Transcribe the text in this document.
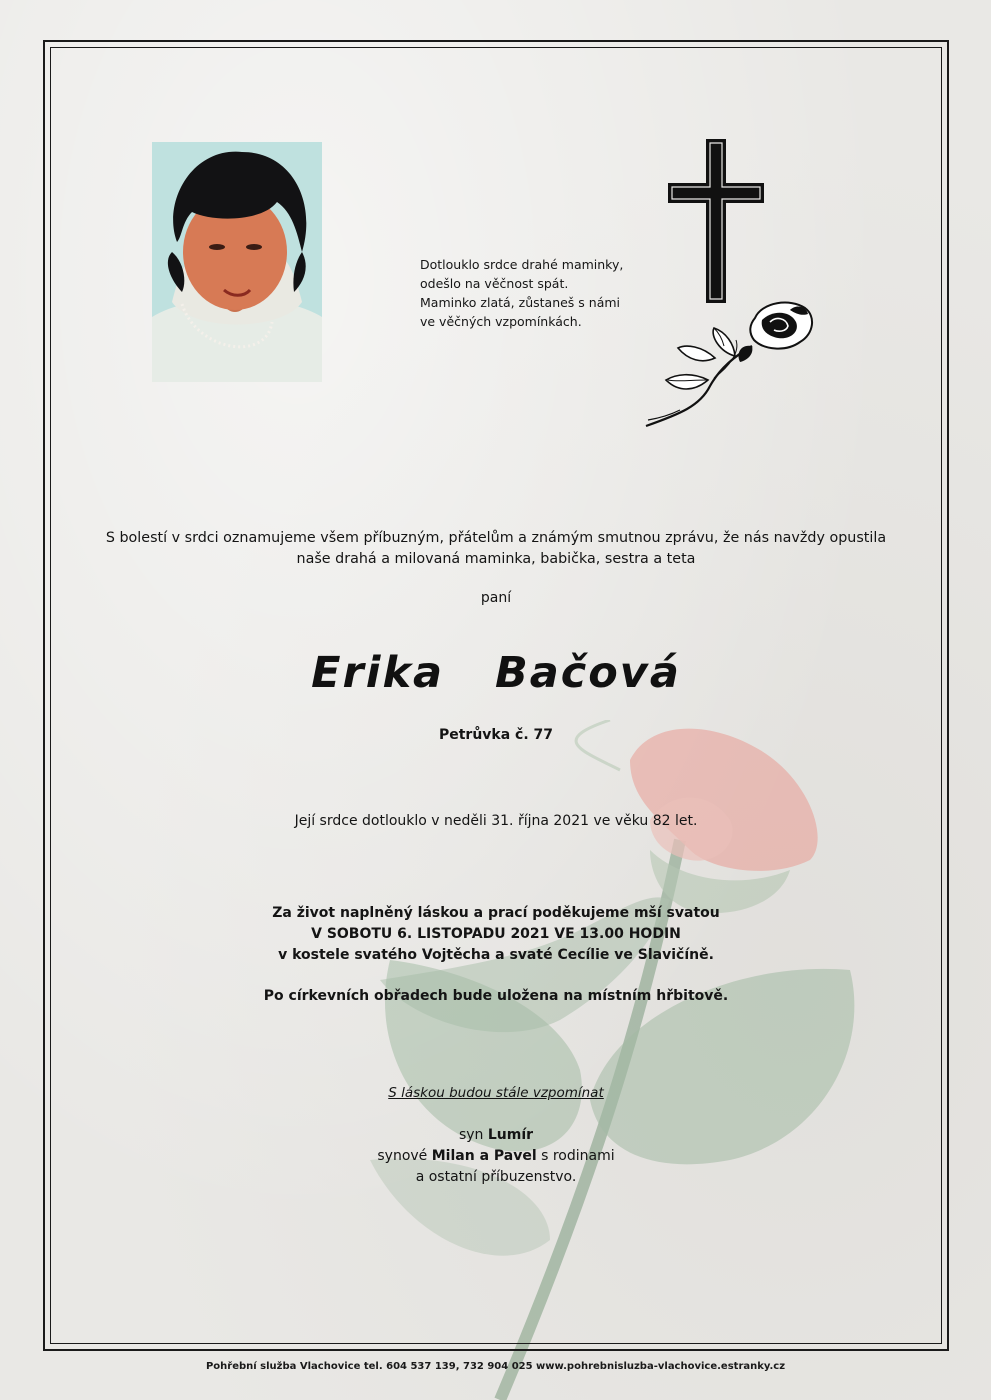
Dotlouklo srdce drahé maminky,
odešlo na věčnost spát.
Maminko zlatá, zůstaneš s námi
ve věčných vzpomínkách.
S bolestí v srdci oznamujeme všem příbuzným, přátelům a známým smutnou zprávu, že nás navždy opustila
naše drahá a milovaná maminka, babička, sestra a teta
paní
Erika Bačová
Petrůvka č. 77
Její srdce dotlouklo v neděli 31. října 2021 ve věku 82 let.
Za život naplněný láskou a prací poděkujeme mší svatou
V SOBOTU 6. LISTOPADU 2021 VE 13.00 HODIN
v kostele svatého Vojtěcha a svaté Cecílie ve Slavičíně.
Po církevních obřadech bude uložena na místním hřbitově.
S láskou budou stále vzpomínat
syn Lumír
synové Milan a Pavel s rodinami
a ostatní příbuzenstvo.
Pohřební služba Vlachovice tel. 604 537 139, 732 904 025 www.pohrebnisluzba-vlachovice.estranky.cz
